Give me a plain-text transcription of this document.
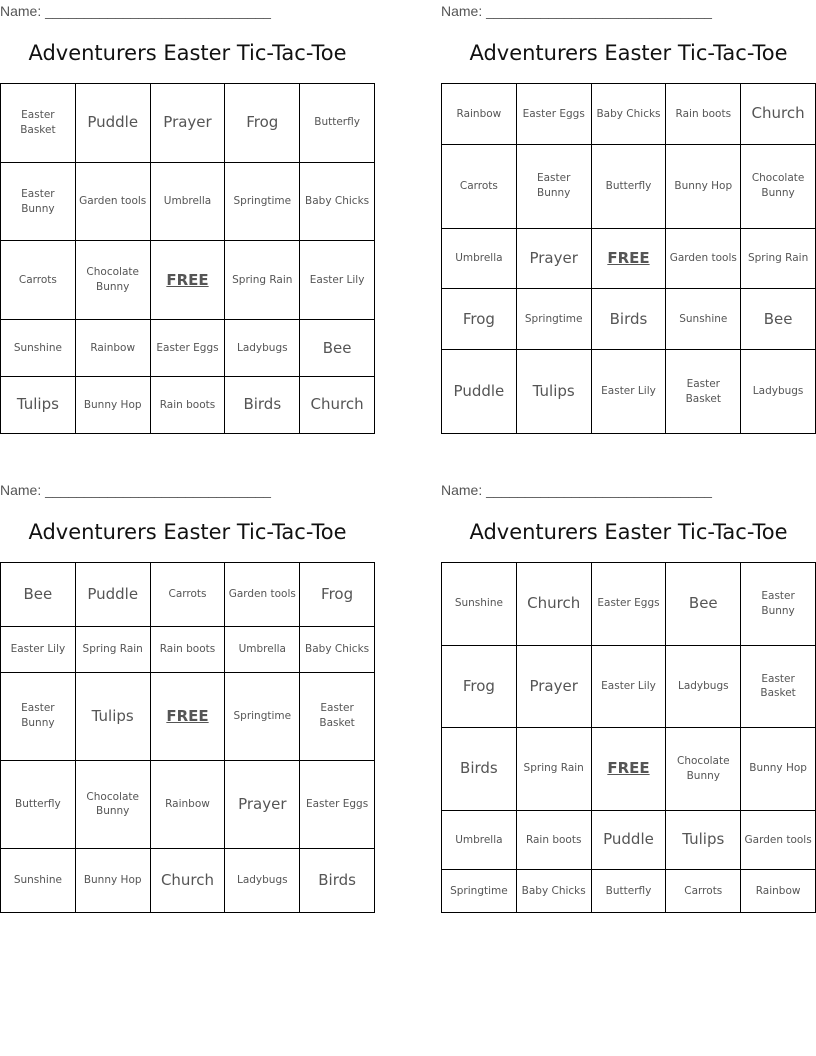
Name: _____________________________
Adventurers Easter Tic-Tac-Toe
Easter Basket	Puddle	Prayer	Frog	Butterfly
Easter Bunny	Garden tools	Umbrella	Springtime	Baby Chicks
Carrots	Chocolate Bunny	FREE	Spring Rain	Easter Lily
Sunshine	Rainbow	Easter Eggs	Ladybugs	Bee
Tulips	Bunny Hop	Rain boots	Birds	Church
Name: _____________________________
Adventurers Easter Tic-Tac-Toe
Rainbow	Easter Eggs	Baby Chicks	Rain boots	Church
Carrots	Easter Bunny	Butterfly	Bunny Hop	Chocolate Bunny
Umbrella	Prayer	FREE	Garden tools	Spring Rain
Frog	Springtime	Birds	Sunshine	Bee
Puddle	Tulips	Easter Lily	Easter Basket	Ladybugs
Name: _____________________________
Adventurers Easter Tic-Tac-Toe
Bee	Puddle	Carrots	Garden tools	Frog
Easter Lily	Spring Rain	Rain boots	Umbrella	Baby Chicks
Easter Bunny	Tulips	FREE	Springtime	Easter Basket
Butterfly	Chocolate Bunny	Rainbow	Prayer	Easter Eggs
Sunshine	Bunny Hop	Church	Ladybugs	Birds
Name: _____________________________
Adventurers Easter Tic-Tac-Toe
Sunshine	Church	Easter Eggs	Bee	Easter Bunny
Frog	Prayer	Easter Lily	Ladybugs	Easter Basket
Birds	Spring Rain	FREE	Chocolate Bunny	Bunny Hop
Umbrella	Rain boots	Puddle	Tulips	Garden tools
Springtime	Baby Chicks	Butterfly	Carrots	Rainbow
